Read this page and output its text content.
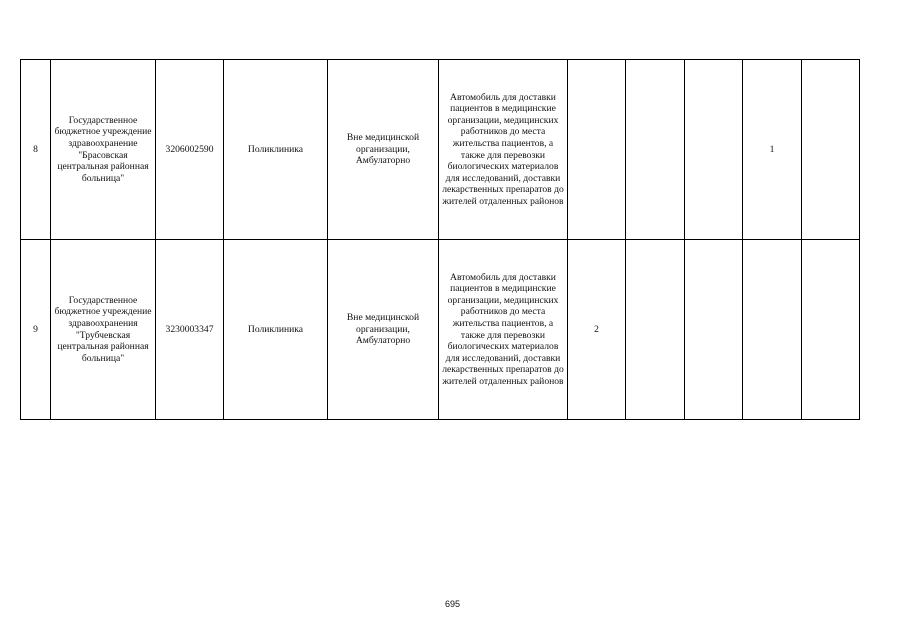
8	Государственное бюджетное учреждение здравоохранение "Брасовская центральная районная больница"	3206002590	Поликлиника	Вне медицинской организации, Амбулаторно	Автомобиль для доставки пациентов в медицинские организации, медицинских работников до места жительства пациентов, а также для перевозки биологических материалов для исследований, доставки лекарственных препаратов до жителей отдаленных районов				1		
9	Государственное бюджетное учреждение здравоохранения "Трубчевская центральная районная больница"	3230003347	Поликлиника	Вне медицинской организации, Амбулаторно	Автомобиль для доставки пациентов в медицинские организации, медицинских работников до места жительства пациентов, а также для перевозки биологических материалов для исследований, доставки лекарственных препаратов до жителей отдаленных районов	2					
695
